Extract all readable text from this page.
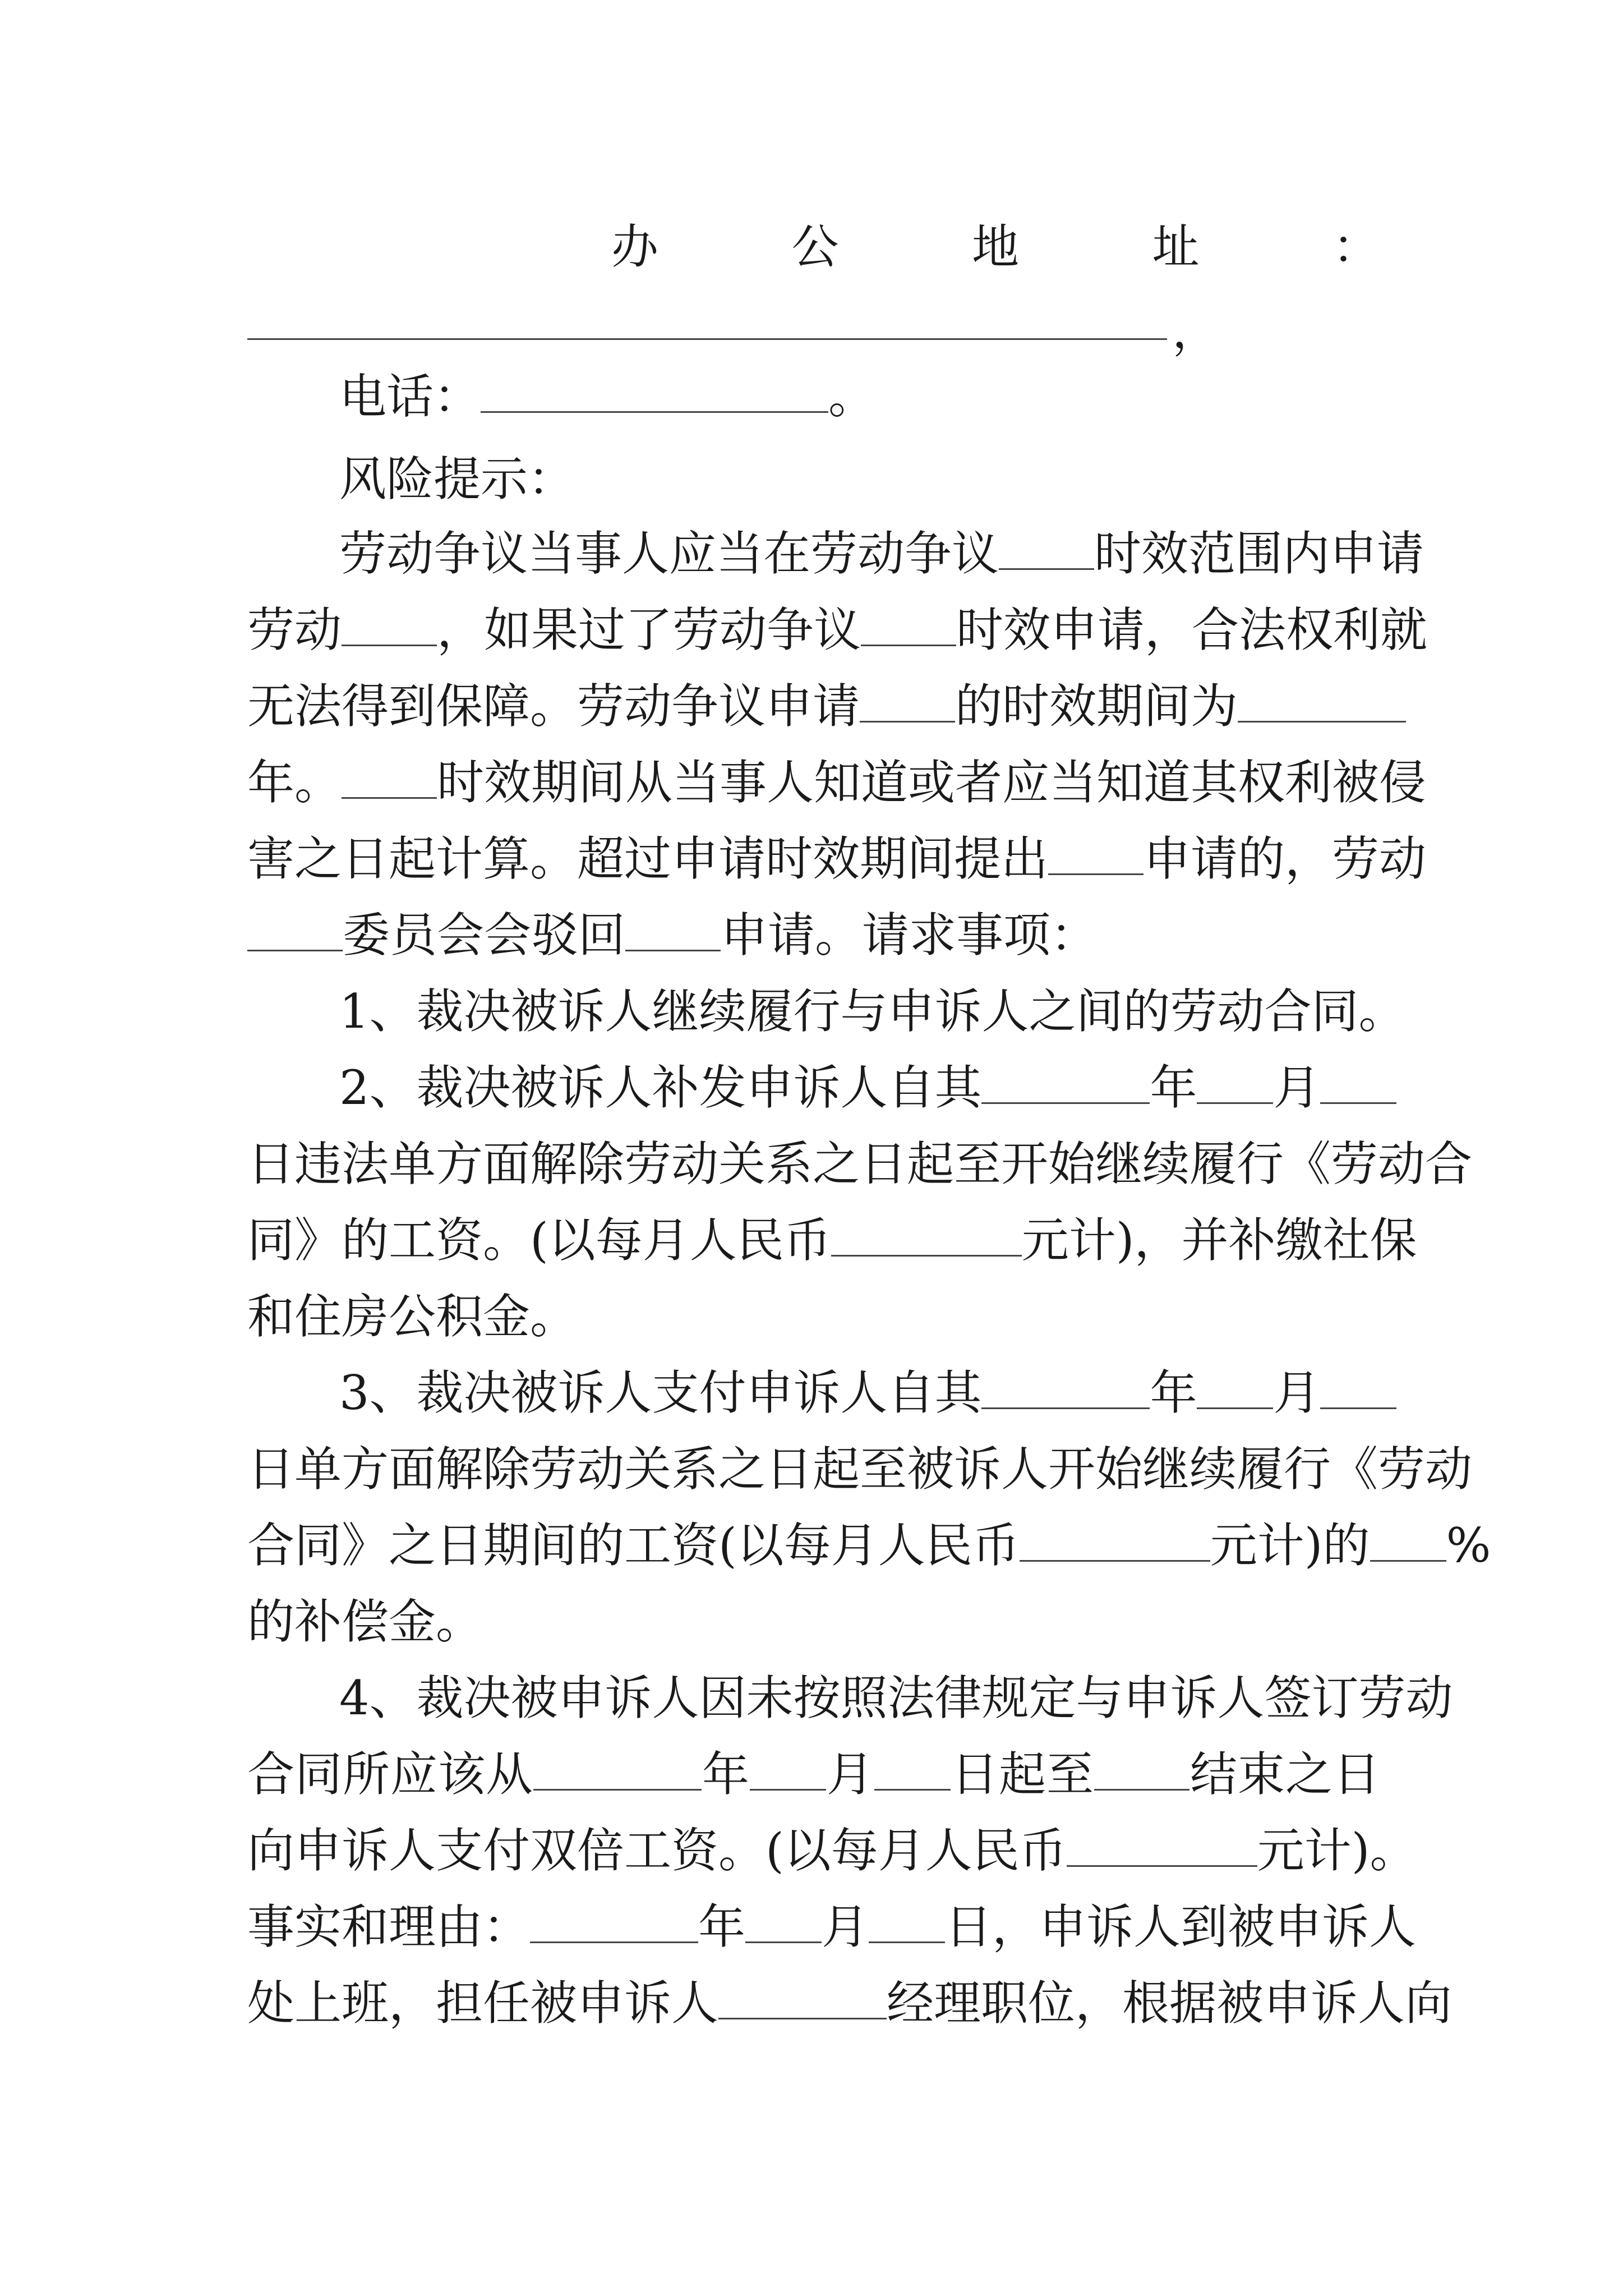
办	公	地	址	：
，
电话：	。
风险提示：
劳动争议当事人应当在劳动争议 时效范围内申请
劳动 ，如果过了劳动争议 时效申请，合法权利就
无法得到保障。劳动争议申请 的时效期间为
年。 时效期间从当事人知道或者应当知道其权利被侵
害之日起计算。超过申请时效期间提出 申请的，劳动
委员会会驳回 申请。请求事项：
1、裁决被诉人继续履行与申诉人之间的劳动合同。
2、裁决被诉人补发申诉人自其	年 月
日违法单方面解除劳动关系之日起至开始继续履行《劳动合
同》的工资。(以每月人民币	元计)，并补缴社保
和住房公积金。
3、裁决被诉人支付申诉人自其	年 月
日单方面解除劳动关系之日起至被诉人开始继续履行《劳动
合同》之日期间的工资(以每月人民币	元计)的 %
的补偿金。
4、裁决被申诉人因未按照法律规定与申诉人签订劳动
合同所应该从	年 月 日起至 结束之日
向申诉人支付双倍工资。(以每月人民币	元计)。
事实和理由：	年 月 日，申诉人到被申诉人
处上班，担任被申诉人	经理职位，根据被申诉人向
